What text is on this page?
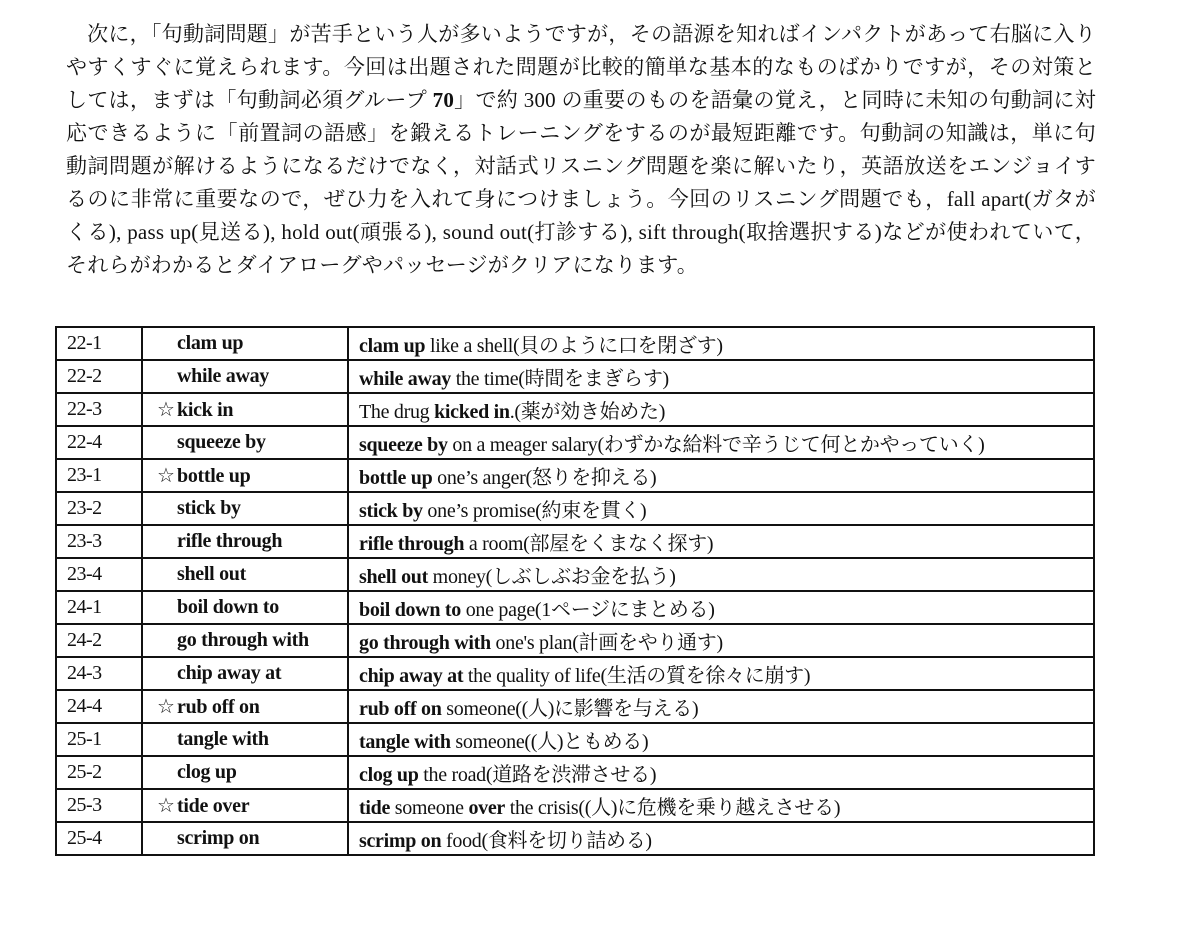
次に，「句動詞問題」が苦手という人が多いようですが，その語源を知ればインパクトがあって右脳に入りやすくすぐに覚えられます。今回は出題された問題が比較的簡単な基本的なものばかりですが，その対策としては，まずは「句動詞必須グループ 70」で約 300 の重要のものを語彙の覚え，と同時に未知の句動詞に対応できるように「前置詞の語感」を鍛えるトレーニングをするのが最短距離です。句動詞の知識は，単に句動詞問題が解けるようになるだけでなく，対話式リスニング問題を楽に解いたり，英語放送をエンジョイするのに非常に重要なので，ぜひ力を入れて身につけましょう。今回のリスニング問題でも，fall apart(ガタがくる), pass up(見送る), hold out(頑張る), sound out(打診する), sift through(取捨選択する)などが使われていて，それらがわかるとダイアローグやパッセージがクリアになります。

22-1	clam up	clam up like a shell(貝のように口を閉ざす)
22-2	while away	while away the time(時間をまぎらす)
22-3	☆ kick in	The drug kicked in.(薬が効き始めた)
22-4	squeeze by	squeeze by on a meager salary(わずかな給料で辛うじて何とかやっていく)
23-1	☆ bottle up	bottle up one’s anger(怒りを抑える)
23-2	stick by	stick by one’s promise(約束を貫く)
23-3	rifle through	rifle through a room(部屋をくまなく探す)
23-4	shell out	shell out money(しぶしぶお金を払う)
24-1	boil down to	boil down to one page(1ページにまとめる)
24-2	go through with	go through with one's plan(計画をやり通す)
24-3	chip away at	chip away at the quality of life(生活の質を徐々に崩す)
24-4	☆ rub off on	rub off on someone((人)に影響を与える)
25-1	tangle with	tangle with someone((人)ともめる)
25-2	clog up	clog up the road(道路を渋滞させる)
25-3	☆ tide over	tide someone over the crisis((人)に危機を乗り越えさせる)
25-4	scrimp on	scrimp on food(食料を切り詰める)
